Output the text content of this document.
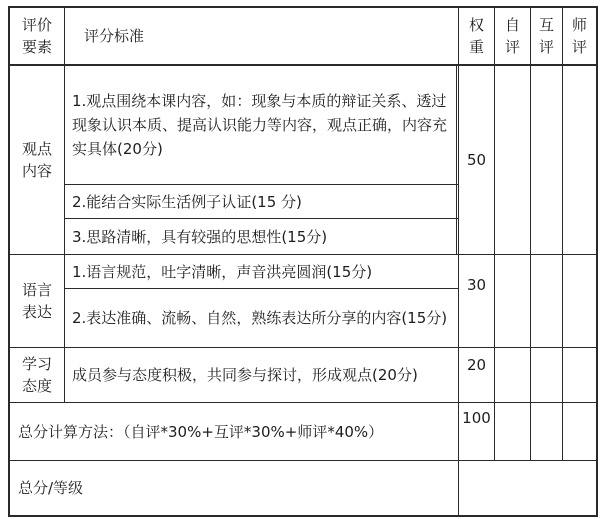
评价
要素
评分标准
权
重
自
评
互
评
师
评
观点
内容
1.观点围绕本课内容，如：现象与本质的辩证关系、透过现象认识本质、提高认识能力等内容，观点正确，内容充实具体(20分)
2.能结合实际生活例子认证(15 分)
3.思路清晰，具有较强的思想性(15分)
50
语言
表达
1.语言规范，吐字清晰，声音洪亮圆润(15分)
2.表达准确、流畅、自然，熟练表达所分享的内容(15分)
30
学习
态度
成员参与态度积极，共同参与探讨，形成观点(20分)
20
总分计算方法：（自评*30%+互评*30%+师评*40%）
100
总分/等级
